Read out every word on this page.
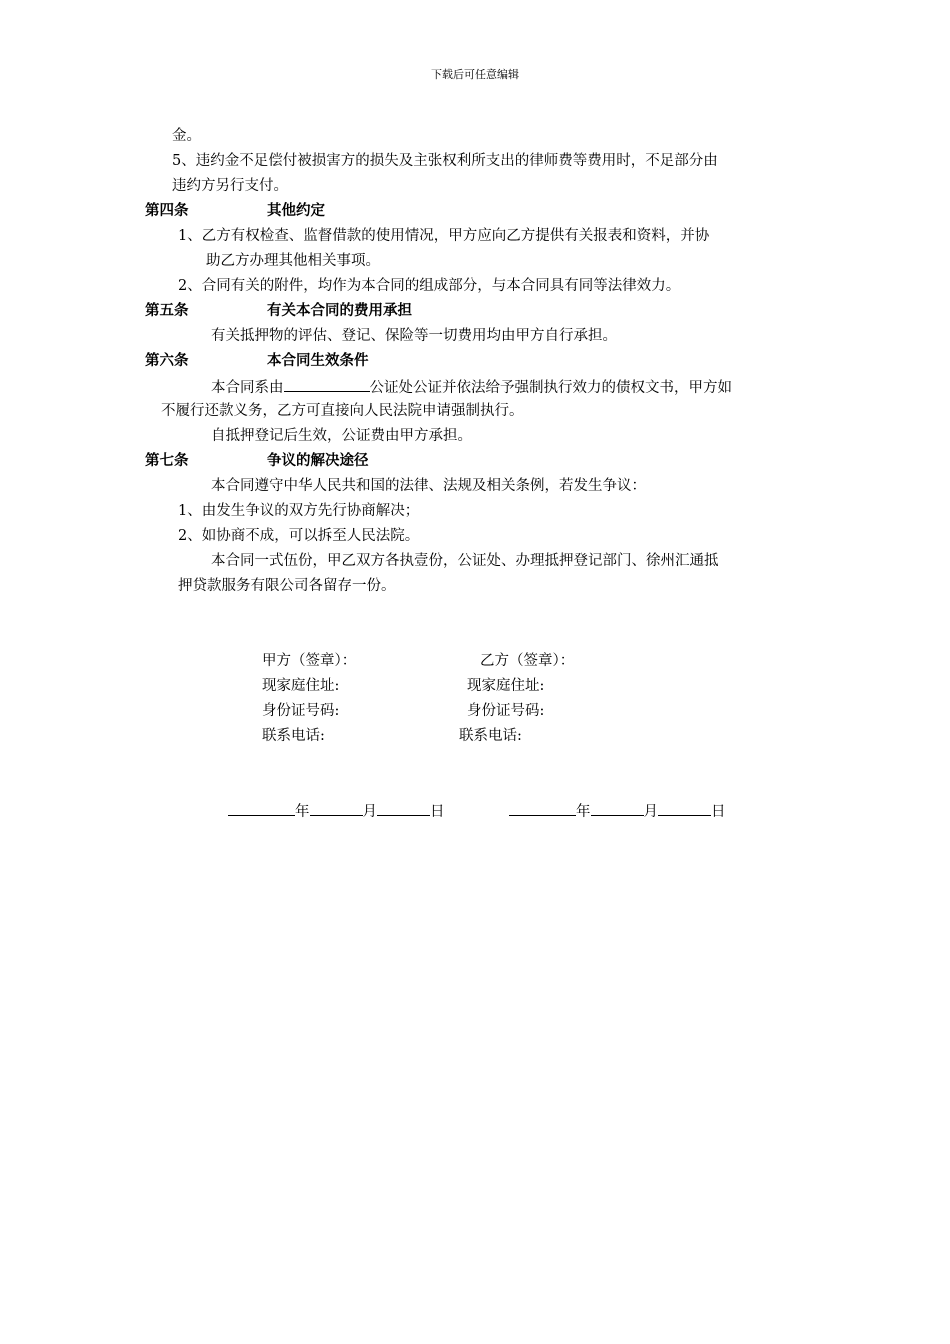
下载后可任意编辑
金。
5、违约金不足偿付被损害方的损失及主张权利所支出的律师费等费用时，不足部分由
违约方另行支付。
第四条	其他约定
1、乙方有权检查、监督借款的使用情况，甲方应向乙方提供有关报表和资料，并协
助乙方办理其他相关事项。
2、合同有关的附件，均作为本合同的组成部分，与本合同具有同等法律效力。
第五条	有关本合同的费用承担
有关抵押物的评估、登记、保险等一切费用均由甲方自行承担。
第六条	本合同生效条件
本合同系由	公证处公证并依法给予强制执行效力的债权文书，甲方如
不履行还款义务，乙方可直接向人民法院申请强制执行。
自抵押登记后生效，公证费由甲方承担。
第七条	争议的解决途径
本合同遵守中华人民共和国的法律、法规及相关条例，若发生争议：
1、由发生争议的双方先行协商解决；
2、如协商不成，可以拆至人民法院。
本合同一式伍份，甲乙双方各执壹份，公证处、办理抵押登记部门、徐州汇通抵
押贷款服务有限公司各留存一份。
甲方（签章）：	乙方（签章）：
现家庭住址:	现家庭住址:
身份证号码:	身份证号码:
联系电话:	联系电话:
年	月	日	年	月	日
